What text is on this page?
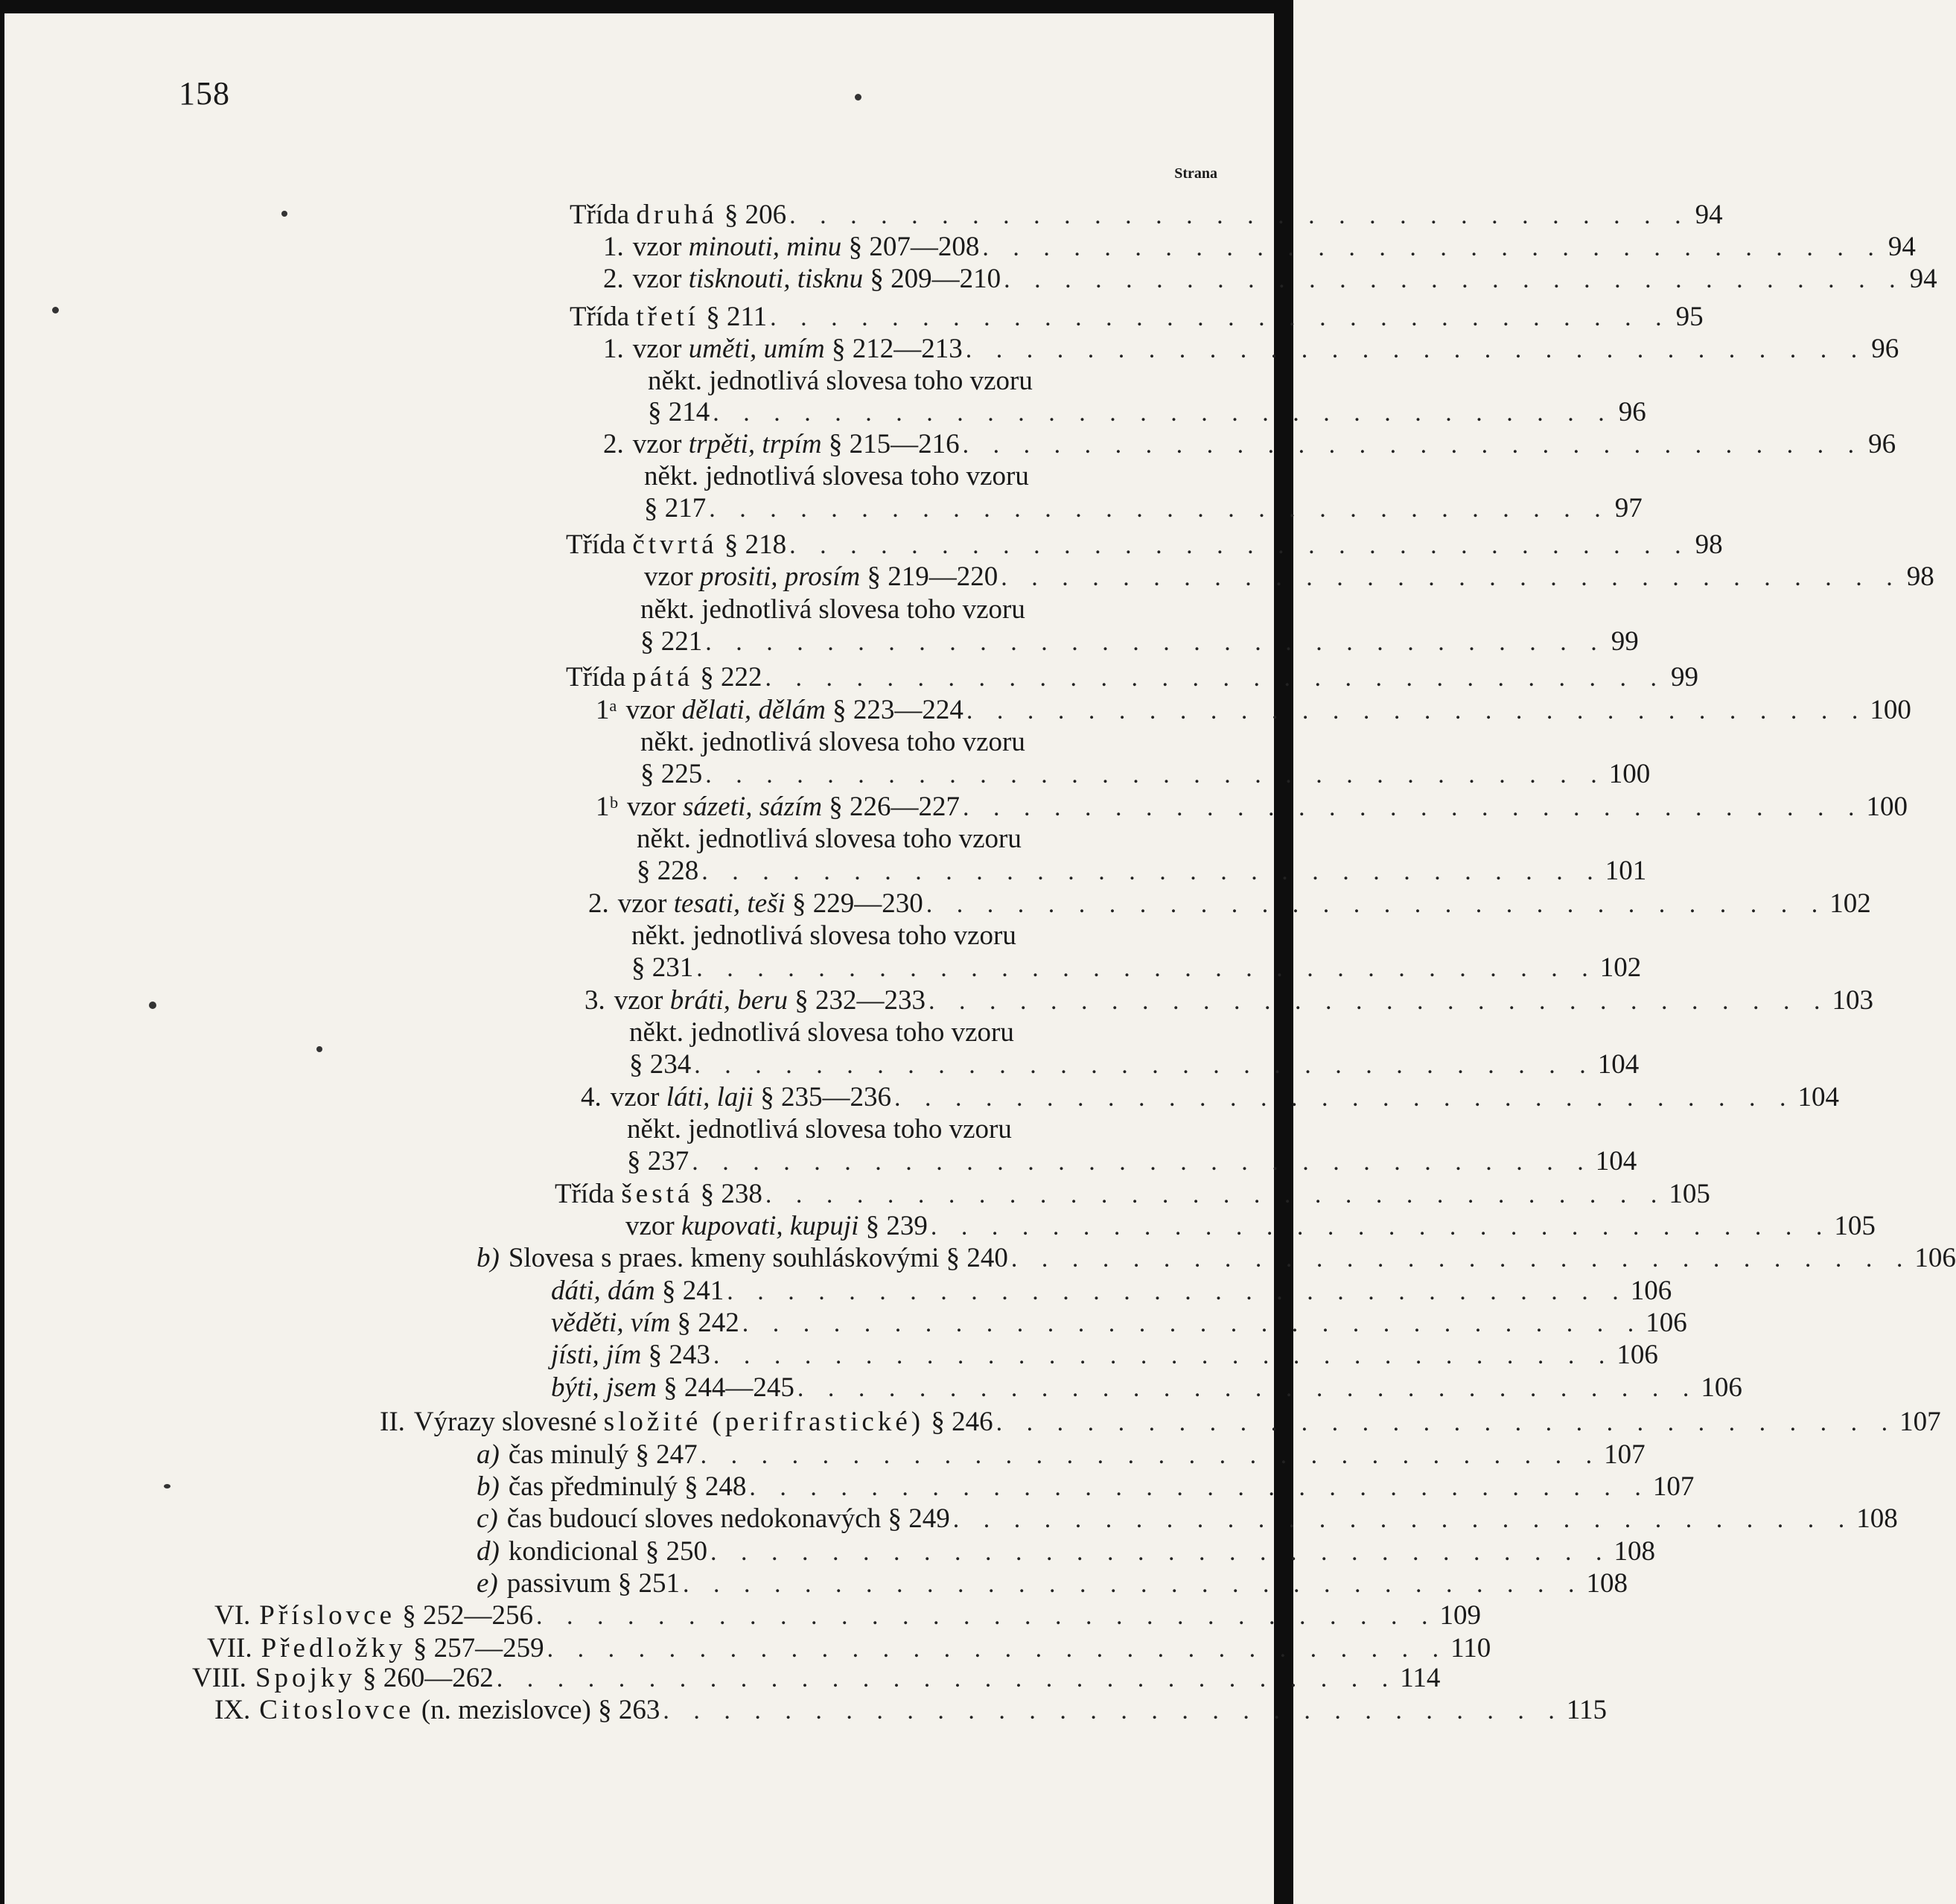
158
Strana
Třída druhá § 206 . . . . . . . . . . . . . . . . . . . . . . . . . . . . . . 94
1. vzor minouti, minu § 207—208 . . . . . . . . . . . . . . . . . . . . . . . . . . . . . . 94
2. vzor tisknouti, tisknu § 209—210 . . . . . . . . . . . . . . . . . . . . . . . . . . . . . . 94
Třída třetí § 211 . . . . . . . . . . . . . . . . . . . . . . . . . . . . . . 95
1. vzor uměti, umím § 212—213 . . . . . . . . . . . . . . . . . . . . . . . . . . . . . . 96
někt. jednotlivá slovesa toho vzoru
§ 214 . . . . . . . . . . . . . . . . . . . . . . . . . . . . . . 96
2. vzor trpěti, trpím § 215—216 . . . . . . . . . . . . . . . . . . . . . . . . . . . . . . 96
někt. jednotlivá slovesa toho vzoru
§ 217 . . . . . . . . . . . . . . . . . . . . . . . . . . . . . . 97
Třída čtvrtá § 218 . . . . . . . . . . . . . . . . . . . . . . . . . . . . . . 98
vzor prositi, prosím § 219—220 . . . . . . . . . . . . . . . . . . . . . . . . . . . . . . 98
někt. jednotlivá slovesa toho vzoru
§ 221 . . . . . . . . . . . . . . . . . . . . . . . . . . . . . . 99
Třída pátá § 222 . . . . . . . . . . . . . . . . . . . . . . . . . . . . . . 99
1ᵃ vzor dělati, dělám § 223—224 . . . . . . . . . . . . . . . . . . . . . . . . . . . . . . 100
někt. jednotlivá slovesa toho vzoru
§ 225 . . . . . . . . . . . . . . . . . . . . . . . . . . . . . . 100
1ᵇ vzor sázeti, sázím § 226—227 . . . . . . . . . . . . . . . . . . . . . . . . . . . . . . 100
někt. jednotlivá slovesa toho vzoru
§ 228 . . . . . . . . . . . . . . . . . . . . . . . . . . . . . . 101
2. vzor tesati, teši § 229—230 . . . . . . . . . . . . . . . . . . . . . . . . . . . . . . 102
někt. jednotlivá slovesa toho vzoru
§ 231 . . . . . . . . . . . . . . . . . . . . . . . . . . . . . . 102
3. vzor bráti, beru § 232—233 . . . . . . . . . . . . . . . . . . . . . . . . . . . . . . 103
někt. jednotlivá slovesa toho vzoru
§ 234 . . . . . . . . . . . . . . . . . . . . . . . . . . . . . . 104
4. vzor láti, laji § 235—236 . . . . . . . . . . . . . . . . . . . . . . . . . . . . . . 104
někt. jednotlivá slovesa toho vzoru
§ 237 . . . . . . . . . . . . . . . . . . . . . . . . . . . . . . 104
Třída šestá § 238 . . . . . . . . . . . . . . . . . . . . . . . . . . . . . . 105
vzor kupovati, kupuji § 239 . . . . . . . . . . . . . . . . . . . . . . . . . . . . . . 105
b) Slovesa s praes. kmeny souhláskovými § 240 . . . . . . . . . . . . . . . . . . . . . . . . . . . . . . 106
dáti, dám § 241 . . . . . . . . . . . . . . . . . . . . . . . . . . . . . . 106
věděti, vím § 242 . . . . . . . . . . . . . . . . . . . . . . . . . . . . . . 106
jísti, jím § 243 . . . . . . . . . . . . . . . . . . . . . . . . . . . . . . 106
býti, jsem § 244—245 . . . . . . . . . . . . . . . . . . . . . . . . . . . . . . 106
II. Výrazy slovesné složité (perifrastické) § 246 . . . . . . . . . . . . . . . . . . . . . . . . . . . . . . 107
a) čas minulý § 247 . . . . . . . . . . . . . . . . . . . . . . . . . . . . . . 107
b) čas předminulý § 248 . . . . . . . . . . . . . . . . . . . . . . . . . . . . . . 107
c) čas budoucí sloves nedokonavých § 249 . . . . . . . . . . . . . . . . . . . . . . . . . . . . . . 108
d) kondicional § 250 . . . . . . . . . . . . . . . . . . . . . . . . . . . . . . 108
e) passivum § 251 . . . . . . . . . . . . . . . . . . . . . . . . . . . . . . 108
VI. Příslovce § 252—256 . . . . . . . . . . . . . . . . . . . . . . . . . . . . . . 109
VII. Předložky § 257—259 . . . . . . . . . . . . . . . . . . . . . . . . . . . . . . 110
VIII. Spojky § 260—262 . . . . . . . . . . . . . . . . . . . . . . . . . . . . . . 114
IX. Citoslovce (n. mezislovce) § 263 . . . . . . . . . . . . . . . . . . . . . . . . . . . . . . 115
